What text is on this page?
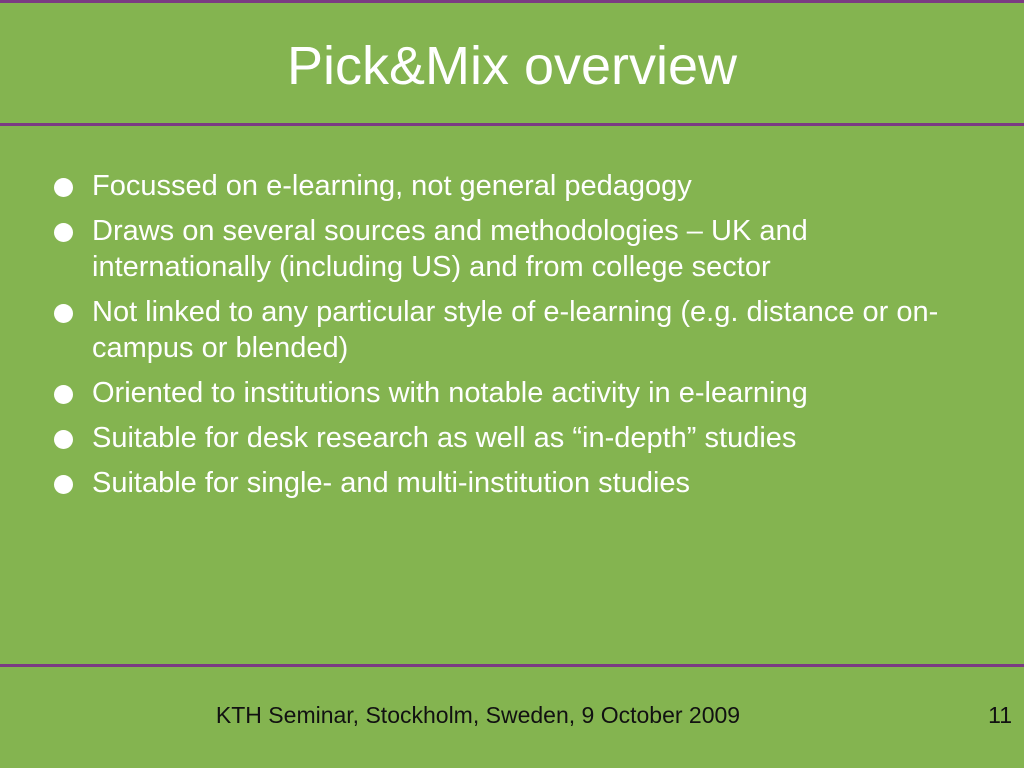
Pick&Mix overview
Focussed on e-learning, not general pedagogy
Draws on several sources and methodologies – UK and internationally (including US) and from college sector
Not linked to any particular style of e-learning (e.g. distance or on-campus or blended)
Oriented to institutions with notable activity in e-learning
Suitable for desk research as well as “in-depth” studies
Suitable for single- and multi-institution studies
KTH Seminar, Stockholm, Sweden, 9 October 2009	11
